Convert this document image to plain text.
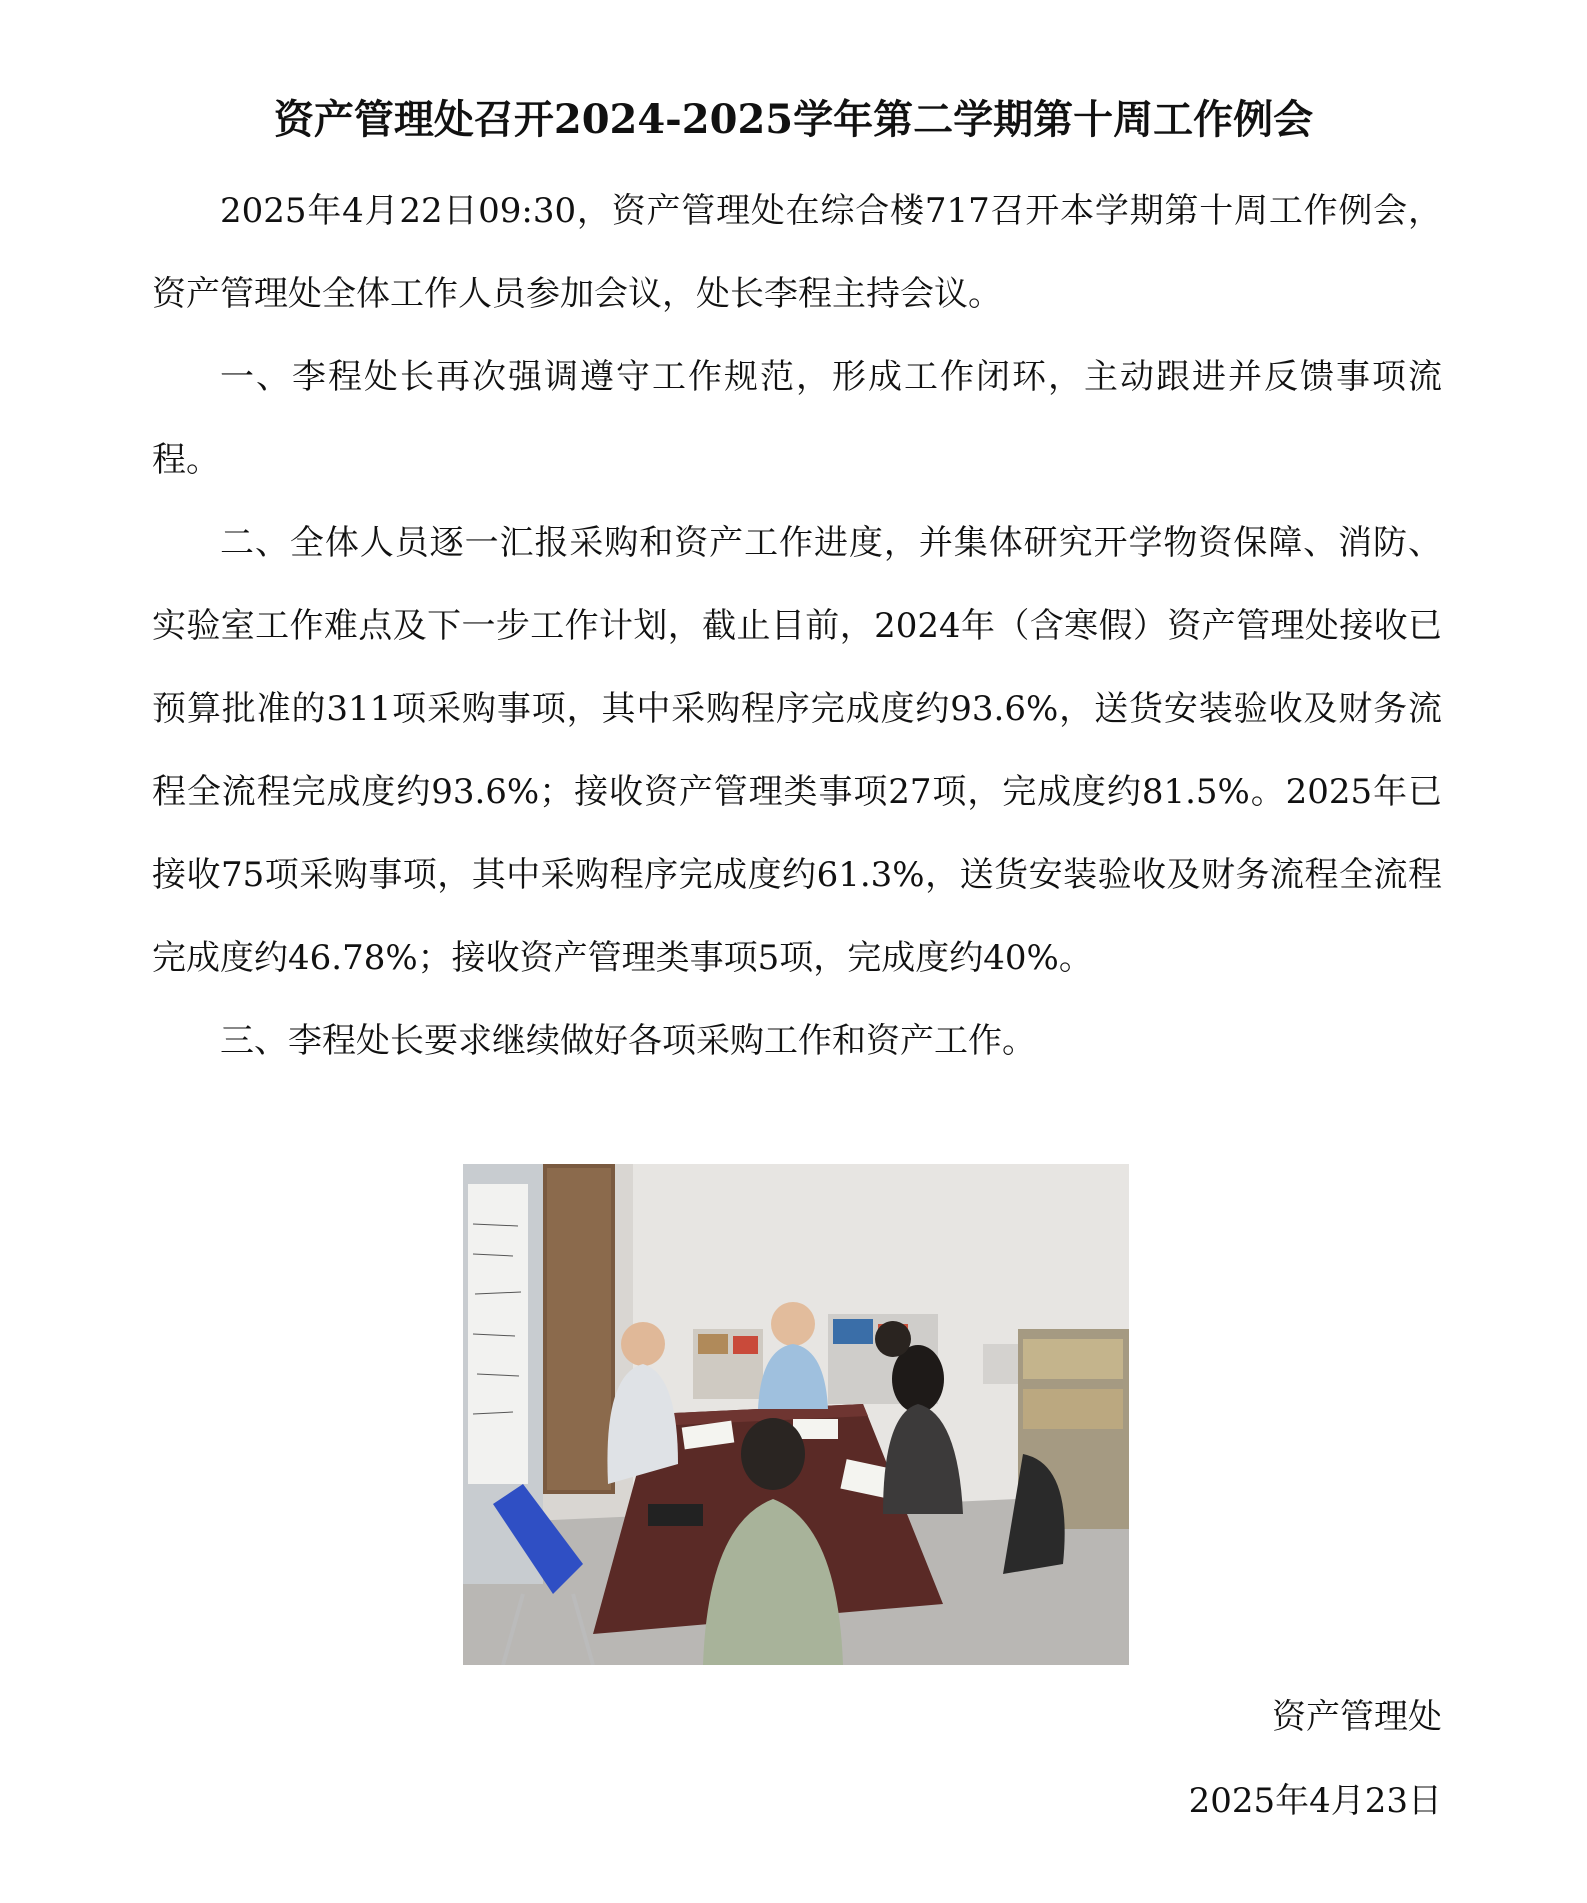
资产管理处召开2024-2025学年第二学期第十周工作例会

2025年4月22日09:30，资产管理处在综合楼717召开本学期第十周工作例会，资产管理处全体工作人员参加会议，处长李程主持会议。

一、李程处长再次强调遵守工作规范，形成工作闭环，主动跟进并反馈事项流程。

二、全体人员逐一汇报采购和资产工作进度，并集体研究开学物资保障、消防、实验室工作难点及下一步工作计划，截止目前，2024年（含寒假）资产管理处接收已预算批准的311项采购事项，其中采购程序完成度约93.6%，送货安装验收及财务流程全流程完成度约93.6%；接收资产管理类事项27项，完成度约81.5%。2025年已接收75项采购事项，其中采购程序完成度约61.3%，送货安装验收及财务流程全流程完成度约46.78%；接收资产管理类事项5项，完成度约40%。

三、李程处长要求继续做好各项采购工作和资产工作。

资产管理处
2025年4月23日
